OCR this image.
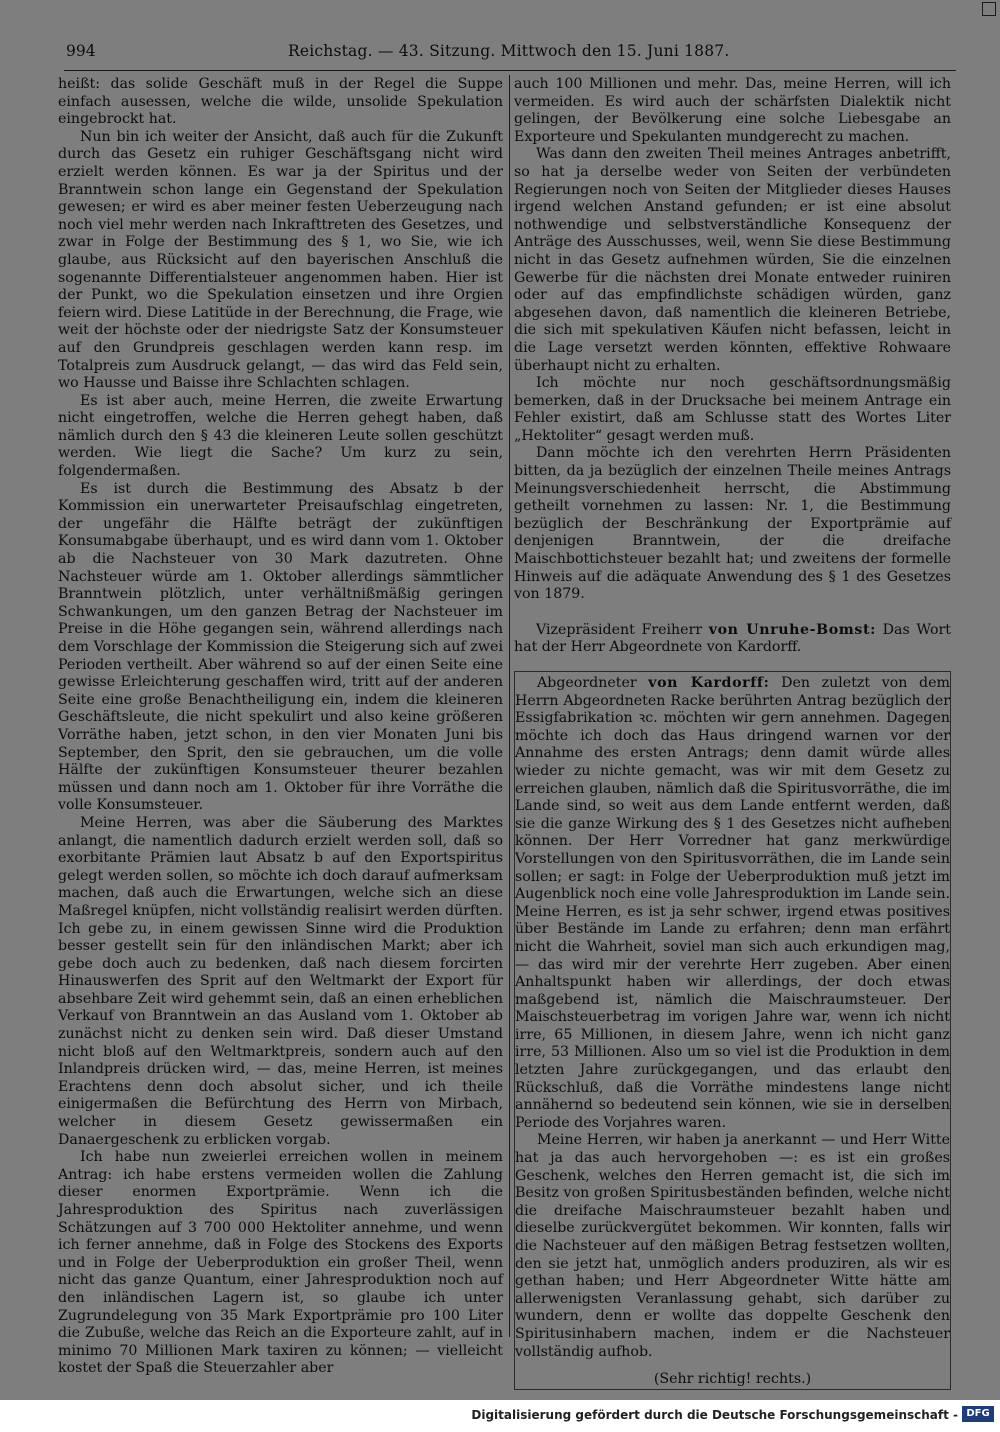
994	Reichstag. — 43. Sitzung. Mittwoch den 15. Juni 1887.

heißt: das solide Geschäft muß in der Regel die Suppe einfach ausessen, welche die wilde, unsolide Spekulation eingebrockt hat.

Nun bin ich weiter der Ansicht, daß auch für die Zukunft durch das Gesetz ein ruhiger Geschäftsgang nicht wird erzielt werden können. Es war ja der Spiritus und der Branntwein schon lange ein Gegenstand der Spekulation gewesen; er wird es aber meiner festen Ueberzeugung nach noch viel mehr werden nach Inkrafttreten des Gesetzes, und zwar in Folge der Bestimmung des § 1, wo Sie, wie ich glaube, aus Rücksicht auf den bayerischen Anschluß die sogenannte Differentialsteuer angenommen haben. Hier ist der Punkt, wo die Spekulation einsetzen und ihre Orgien feiern wird. Diese Latitüde in der Berechnung, die Frage, wie weit der höchste oder der niedrigste Satz der Konsumsteuer auf den Grundpreis geschlagen werden kann resp. im Totalpreis zum Ausdruck gelangt, — das wird das Feld sein, wo Hausse und Baisse ihre Schlachten schlagen.

Es ist aber auch, meine Herren, die zweite Erwartung nicht eingetroffen, welche die Herren gehegt haben, daß nämlich durch den § 43 die kleineren Leute sollen geschützt werden. Wie liegt die Sache? Um kurz zu sein, folgendermaßen.

Es ist durch die Bestimmung des Absatz b der Kommission ein unerwarteter Preisaufschlag eingetreten, der ungefähr die Hälfte beträgt der zukünftigen Konsumabgabe überhaupt, und es wird dann vom 1. Oktober ab die Nachsteuer von 30 Mark dazutreten. Ohne Nachsteuer würde am 1. Oktober allerdings sämmtlicher Branntwein plötzlich, unter verhältnißmäßig geringen Schwankungen, um den ganzen Betrag der Nachsteuer im Preise in die Höhe gegangen sein, während allerdings nach dem Vorschlage der Kommission die Steigerung sich auf zwei Perioden vertheilt. Aber während so auf der einen Seite eine gewisse Erleichterung geschaffen wird, tritt auf der anderen Seite eine große Benachtheiligung ein, indem die kleineren Geschäftsleute, die nicht spekulirt und also keine größeren Vorräthe haben, jetzt schon, in den vier Monaten Juni bis September, den Sprit, den sie gebrauchen, um die volle Hälfte der zukünftigen Konsumsteuer theurer bezahlen müssen und dann noch am 1. Oktober für ihre Vorräthe die volle Konsumsteuer.

Meine Herren, was aber die Säuberung des Marktes anlangt, die namentlich dadurch erzielt werden soll, daß so exorbitante Prämien laut Absatz b auf den Exportspiritus gelegt werden sollen, so möchte ich doch darauf aufmerksam machen, daß auch die Erwartungen, welche sich an diese Maßregel knüpfen, nicht vollständig realisirt werden dürften. Ich gebe zu, in einem gewissen Sinne wird die Produktion besser gestellt sein für den inländischen Markt; aber ich gebe doch auch zu bedenken, daß nach diesem forcirten Hinauswerfen des Sprit auf den Weltmarkt der Export für absehbare Zeit wird gehemmt sein, daß an einen erheblichen Verkauf von Branntwein an das Ausland vom 1. Oktober ab zunächst nicht zu denken sein wird. Daß dieser Umstand nicht bloß auf den Weltmarktpreis, sondern auch auf den Inlandpreis drücken wird, — das, meine Herren, ist meines Erachtens denn doch absolut sicher, und ich theile einigermaßen die Befürchtung des Herrn von Mirbach, welcher in diesem Gesetz gewissermaßen ein Danaergeschenk zu erblicken vorgab.

Ich habe nun zweierlei erreichen wollen in meinem Antrag: ich habe erstens vermeiden wollen die Zahlung dieser enormen Exportprämie. Wenn ich die Jahresproduktion des Spiritus nach zuverlässigen Schätzungen auf 3 700 000 Hektoliter annehme, und wenn ich ferner annehme, daß in Folge des Stockens des Exports und in Folge der Ueberproduktion ein großer Theil, wenn nicht das ganze Quantum, einer Jahresproduktion noch auf den inländischen Lagern ist, so glaube ich unter Zugrundelegung von 35 Mark Exportprämie pro 100 Liter die Zubuße, welche das Reich an die Exporteure zahlt, auf in minimo 70 Millionen Mark taxiren zu können; — vielleicht kostet der Spaß die Steuerzahler aber

auch 100 Millionen und mehr. Das, meine Herren, will ich vermeiden. Es wird auch der schärfsten Dialektik nicht gelingen, der Bevölkerung eine solche Liebesgabe an Exporteure und Spekulanten mundgerecht zu machen.

Was dann den zweiten Theil meines Antrages anbetrifft, so hat ja derselbe weder von Seiten der verbündeten Regierungen noch von Seiten der Mitglieder dieses Hauses irgend welchen Anstand gefunden; er ist eine absolut nothwendige und selbstverständliche Konsequenz der Anträge des Ausschusses, weil, wenn Sie diese Bestimmung nicht in das Gesetz aufnehmen würden, Sie die einzelnen Gewerbe für die nächsten drei Monate entweder ruiniren oder auf das empfindlichste schädigen würden, ganz abgesehen davon, daß namentlich die kleineren Betriebe, die sich mit spekulativen Käufen nicht befassen, leicht in die Lage versetzt werden könnten, effektive Rohwaare überhaupt nicht zu erhalten.

Ich möchte nur noch geschäftsordnungsmäßig bemerken, daß in der Drucksache bei meinem Antrage ein Fehler existirt, daß am Schlusse statt des Wortes Liter „Hektoliter“ gesagt werden muß.

Dann möchte ich den verehrten Herrn Präsidenten bitten, da ja bezüglich der einzelnen Theile meines Antrags Meinungsverschiedenheit herrscht, die Abstimmung getheilt vornehmen zu lassen: Nr. 1, die Bestimmung bezüglich der Beschränkung der Exportprämie auf denjenigen Branntwein, der die dreifache Maischbottichsteuer bezahlt hat; und zweitens der formelle Hinweis auf die adäquate Anwendung des § 1 des Gesetzes von 1879.

Vizepräsident Freiherr von Unruhe-Bomst: Das Wort hat der Herr Abgeordnete von Kardorff.

Abgeordneter von Kardorff: Den zuletzt von dem Herrn Abgeordneten Racke berührten Antrag bezüglich der Essigfabrikation ꝛc. möchten wir gern annehmen. Dagegen möchte ich doch das Haus dringend warnen vor der Annahme des ersten Antrags; denn damit würde alles wieder zu nichte gemacht, was wir mit dem Gesetz zu erreichen glauben, nämlich daß die Spiritusvorräthe, die im Lande sind, so weit aus dem Lande entfernt werden, daß sie die ganze Wirkung des § 1 des Gesetzes nicht aufheben können. Der Herr Vorredner hat ganz merkwürdige Vorstellungen von den Spiritusvorräthen, die im Lande sein sollen; er sagt: in Folge der Ueberproduktion muß jetzt im Augenblick noch eine volle Jahresproduktion im Lande sein. Meine Herren, es ist ja sehr schwer, irgend etwas positives über Bestände im Lande zu erfahren; denn man erfährt nicht die Wahrheit, soviel man sich auch erkundigen mag, — das wird mir der verehrte Herr zugeben. Aber einen Anhaltspunkt haben wir allerdings, der doch etwas maßgebend ist, nämlich die Maischraumsteuer. Der Maischsteuerbetrag im vorigen Jahre war, wenn ich nicht irre, 65 Millionen, in diesem Jahre, wenn ich nicht ganz irre, 53 Millionen. Also um so viel ist die Produktion in dem letzten Jahre zurückgegangen, und das erlaubt den Rückschluß, daß die Vorräthe mindestens lange nicht annähernd so bedeutend sein können, wie sie in derselben Periode des Vorjahres waren.

Meine Herren, wir haben ja anerkannt — und Herr Witte hat ja das auch hervorgehoben —: es ist ein großes Geschenk, welches den Herren gemacht ist, die sich im Besitz von großen Spiritusbeständen befinden, welche nicht die dreifache Maischraumsteuer bezahlt haben und dieselbe zurückvergütet bekommen. Wir konnten, falls wir die Nachsteuer auf den mäßigen Betrag festsetzen wollten, den sie jetzt hat, unmöglich anders produziren, als wir es gethan haben; und Herr Abgeordneter Witte hätte am allerwenigsten Veranlassung gehabt, sich darüber zu wundern, denn er wollte das doppelte Geschenk den Spiritusinhabern machen, indem er die Nachsteuer vollständig aufhob.

(Sehr richtig! rechts.)

Digitalisierung gefördert durch die Deutsche Forschungsgemeinschaft - DFG
